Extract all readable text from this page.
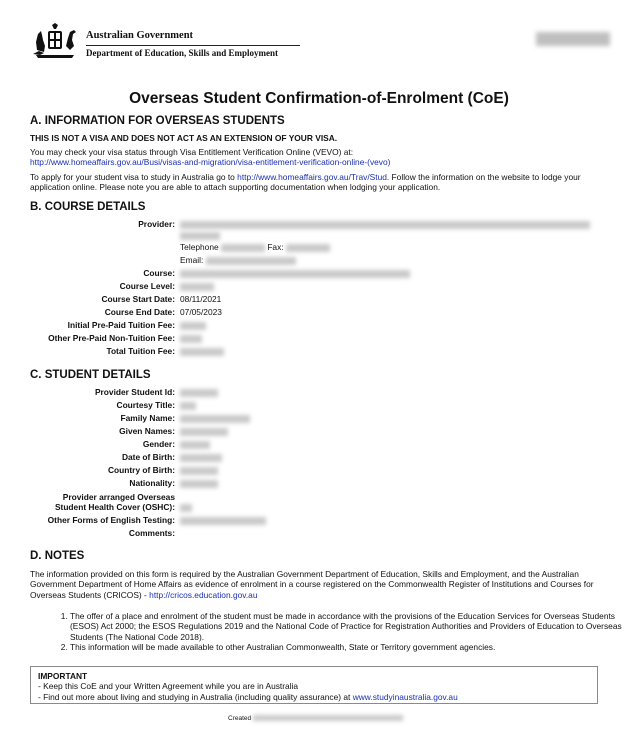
Australian Government
Department of Education, Skills and Employment
Overseas Student Confirmation-of-Enrolment (CoE)
A. INFORMATION FOR OVERSEAS STUDENTS
THIS IS NOT A VISA AND DOES NOT ACT AS AN EXTENSION OF YOUR VISA.
You may check your visa status through Visa Entitlement Verification Online (VEVO) at:
http://www.homeaffairs.gov.au/Busi/visas-and-migration/visa-entitlement-verification-online-(vevo)
To apply for your student visa to study in Australia go to http://www.homeaffairs.gov.au/Trav/Stud. Follow the information on the website to lodge your application online. Please note you are able to attach supporting documentation when lodging your application.
B. COURSE DETAILS
Provider:

Telephone	Fax:
Email:
Course:
Course Level:
Course Start Date: 08/11/2021
Course End Date: 07/05/2023
Initial Pre-Paid Tuition Fee:
Other Pre-Paid Non-Tuition Fee:
Total Tuition Fee:
C. STUDENT DETAILS
Provider Student Id:
Courtesy Title:
Family Name:
Given Names:
Gender:
Date of Birth:
Country of Birth:
Nationality:
Provider arranged Overseas
Student Health Cover (OSHC):
Other Forms of English Testing:
Comments:
D. NOTES
The information provided on this form is required by the Australian Government Department of Education, Skills and Employment, and the Australian Government Department of Home Affairs as evidence of enrolment in a course registered on the Commonwealth Register of Institutions and Courses for Overseas Students (CRICOS) - http://cricos.education.gov.au
1. The offer of a place and enrolment of the student must be made in accordance with the provisions of the Education Services for Overseas Students (ESOS) Act 2000; the ESOS Regulations 2019 and the National Code of Practice for Registration Authorities and Providers of Education to Overseas Students (The National Code 2018).
2. This information will be made available to other Australian Commonwealth, State or Territory government agencies.
IMPORTANT
- Keep this CoE and your Written Agreement while you are in Australia
- Find out more about living and studying in Australia (including quality assurance) at www.studyinaustralia.gov.au
Created
